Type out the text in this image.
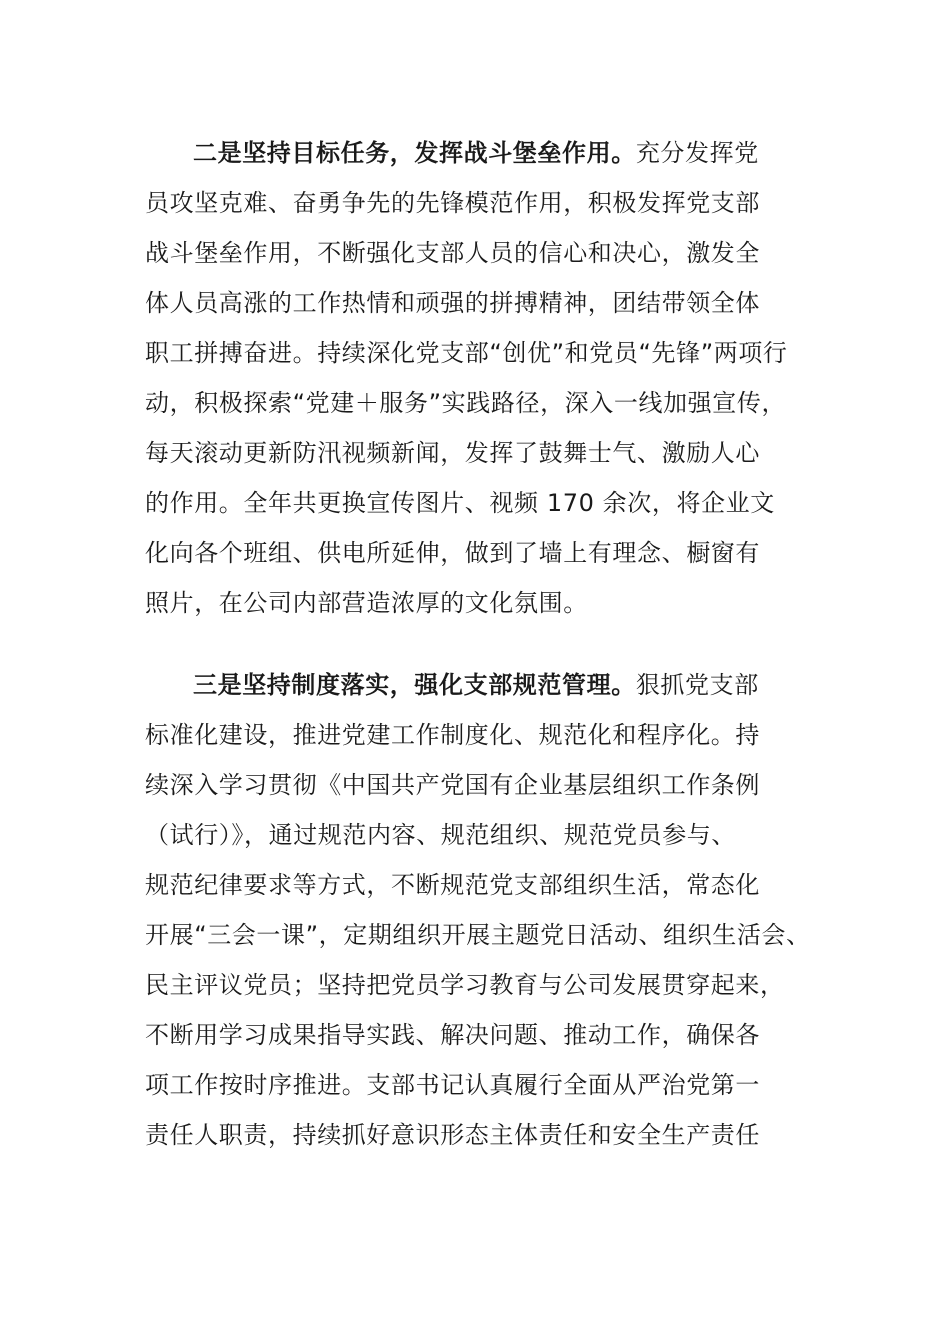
二是坚持目标任务，发挥战斗堡垒作用。充分发挥党
员攻坚克难、奋勇争先的先锋模范作用，积极发挥党支部
战斗堡垒作用，不断强化支部人员的信心和决心，激发全
体人员高涨的工作热情和顽强的拼搏精神，团结带领全体
职工拼搏奋进。持续深化党支部“创优”和党员“先锋”两项行
动，积极探索“党建＋服务”实践路径，深入一线加强宣传，
每天滚动更新防汛视频新闻，发挥了鼓舞士气、激励人心
的作用。全年共更换宣传图片、视频 170 余次，将企业文
化向各个班组、供电所延伸，做到了墙上有理念、橱窗有
照片，在公司内部营造浓厚的文化氛围。
三是坚持制度落实，强化支部规范管理。狠抓党支部
标准化建设，推进党建工作制度化、规范化和程序化。持
续深入学习贯彻《中国共产党国有企业基层组织工作条例
（试行）》，通过规范内容、规范组织、规范党员参与、
规范纪律要求等方式，不断规范党支部组织生活，常态化
开展“三会一课”，定期组织开展主题党日活动、组织生活会、
民主评议党员；坚持把党员学习教育与公司发展贯穿起来，
不断用学习成果指导实践、解决问题、推动工作，确保各
项工作按时序推进。支部书记认真履行全面从严治党第一
责任人职责，持续抓好意识形态主体责任和安全生产责任
